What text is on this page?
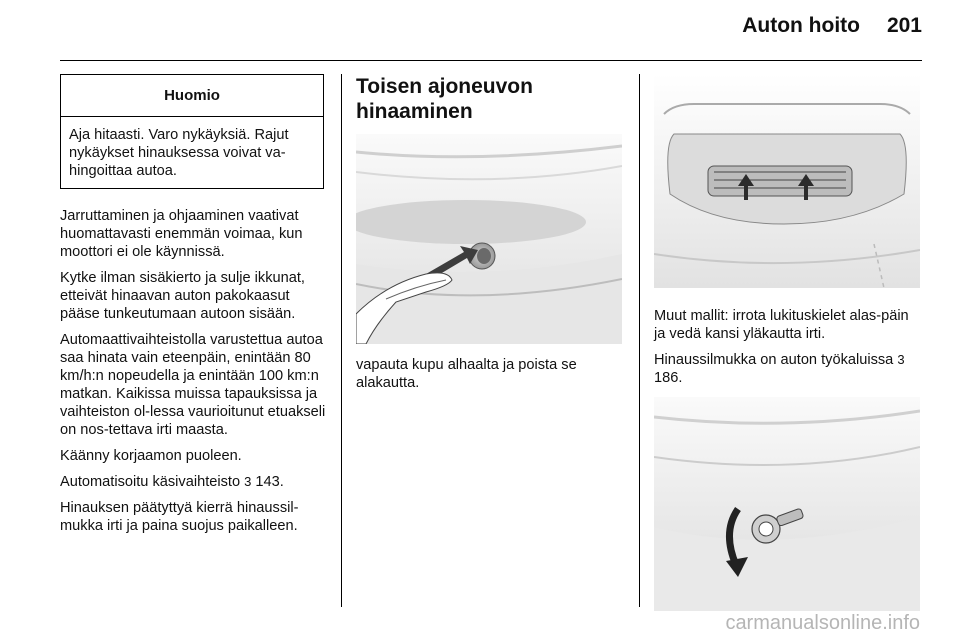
Auton hoito 201
Huomio
Aja hitaasti. Varo nykäyksiä. Rajut nykäykset hinauksessa voivat va-hingoittaa autoa.

Jarruttaminen ja ohjaaminen vaativat huomattavasti enemmän voimaa, kun moottori ei ole käynnissä.

Kytke ilman sisäkierto ja sulje ikkunat, etteivät hinaavan auton pakokaasut pääse tunkeutumaan autoon sisään.

Automaattivaihteistolla varustettua autoa saa hinata vain eteenpäin, enintään 80 km/h:n nopeudella ja enintään 100 km:n matkan. Kaikissa muissa tapauksissa ja vaihteiston ol-lessa vaurioitunut etuakseli on nos-tettava irti maasta.

Käänny korjaamon puoleen.

Automatisoitu käsivaihteisto 3 143.

Hinauksen päätyttyä kierrä hinaussil-mukka irti ja paina suojus paikalleen.

Toisen ajoneuvon hinaaminen

vapauta kupu alhaalta ja poista se alakautta.

Muut mallit: irrota lukituskielet alas-päin ja vedä kansi yläkautta irti.

Hinaussilmukka on auton työkaluissa 3 186.

carmanualsonline.info
